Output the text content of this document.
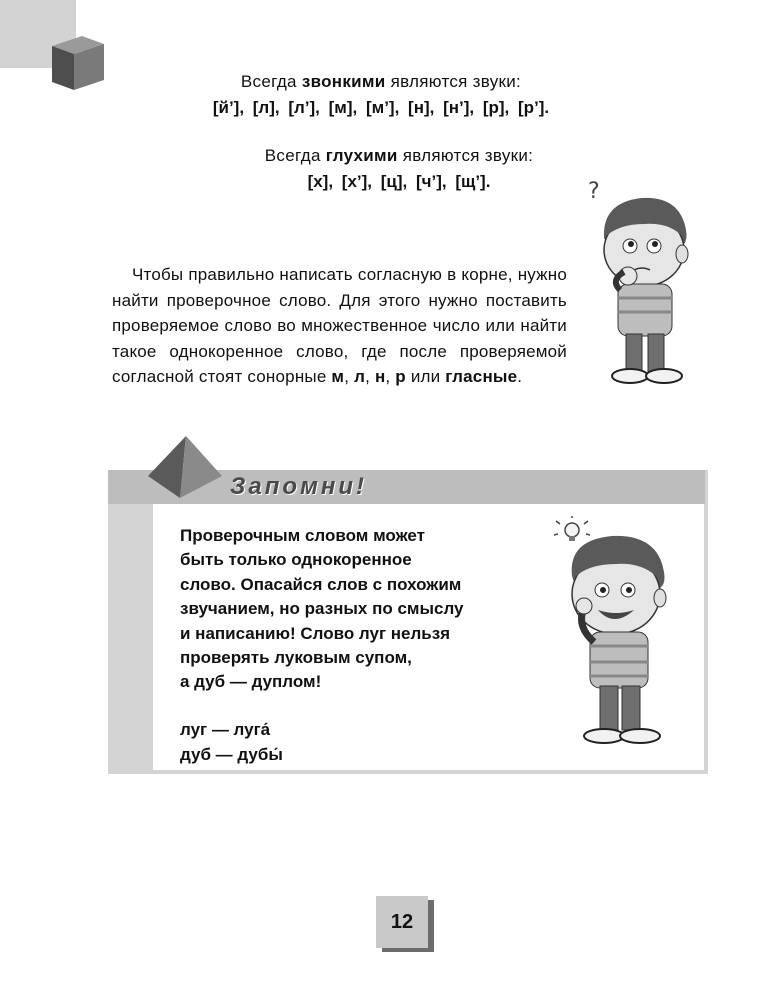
Всегда звонкими являются звуки:
[й’], [л], [л’], [м], [м’], [н], [н’], [р], [р’].
Всегда глухими являются звуки:
[х], [х’], [ц], [ч’], [щ’].

Чтобы правильно написать согласную в корне, нужно найти проверочное слово. Для этого нужно поставить проверяемое слово во множественное число или найти такое однокоренное слово, где после проверяемой согласной стоят сонорные м, л, н, р или гласные.

?
Запомни!

Проверочным словом может

быть только однокоренное

слово. Опасайся слов с похожим

звучанием, но разных по смыслу

и написанию! Слово луг нельзя

проверять луковым супом,

а дуб — дуплом!

луг — луга́

дуб — дубы́

12
